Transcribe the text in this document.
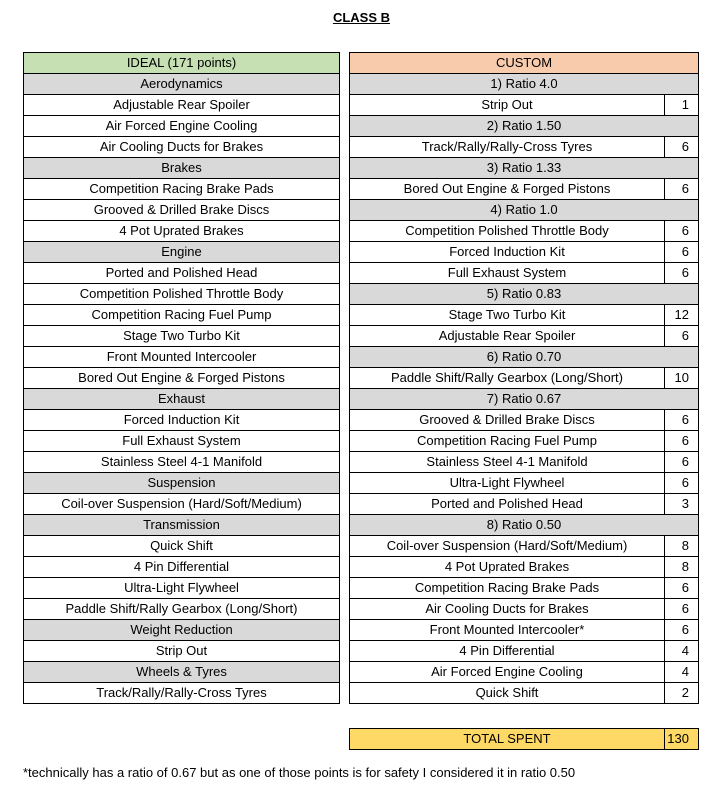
CLASS B
IDEAL (171 points)
Aerodynamics
Adjustable Rear Spoiler
Air Forced Engine Cooling
Air Cooling Ducts for Brakes
Brakes
Competition Racing Brake Pads
Grooved & Drilled Brake Discs
4 Pot Uprated Brakes
Engine
Ported and Polished Head
Competition Polished Throttle Body
Competition Racing Fuel Pump
Stage Two Turbo Kit
Front Mounted Intercooler
Bored Out Engine & Forged Pistons
Exhaust
Forced Induction Kit
Full Exhaust System
Stainless Steel 4-1 Manifold
Suspension
Coil-over Suspension (Hard/Soft/Medium)
Transmission
Quick Shift
4 Pin Differential
Ultra-Light Flywheel
Paddle Shift/Rally Gearbox (Long/Short)
Weight Reduction
Strip Out
Wheels & Tyres
Track/Rally/Rally-Cross Tyres
CUSTOM	
1) Ratio 4.0	
Strip Out	1
2) Ratio 1.50	
Track/Rally/Rally-Cross Tyres	6
3) Ratio 1.33	
Bored Out Engine & Forged Pistons	6
4) Ratio 1.0	
Competition Polished Throttle Body	6
Forced Induction Kit	6
Full Exhaust System	6
5) Ratio 0.83	
Stage Two Turbo Kit	12
Adjustable Rear Spoiler	6
6) Ratio 0.70	
Paddle Shift/Rally Gearbox (Long/Short)	10
7) Ratio 0.67	
Grooved & Drilled Brake Discs	6
Competition Racing Fuel Pump	6
Stainless Steel 4-1 Manifold	6
Ultra-Light Flywheel	6
Ported and Polished Head	3
8) Ratio 0.50	
Coil-over Suspension (Hard/Soft/Medium)	8
4 Pot Uprated Brakes	8
Competition Racing Brake Pads	6
Air Cooling Ducts for Brakes	6
Front Mounted Intercooler*	6
4 Pin Differential	4
Air Forced Engine Cooling	4
Quick Shift	2
TOTAL SPENT	130
*technically has a ratio of 0.67 but as one of those points is for safety I considered it in ratio 0.50
